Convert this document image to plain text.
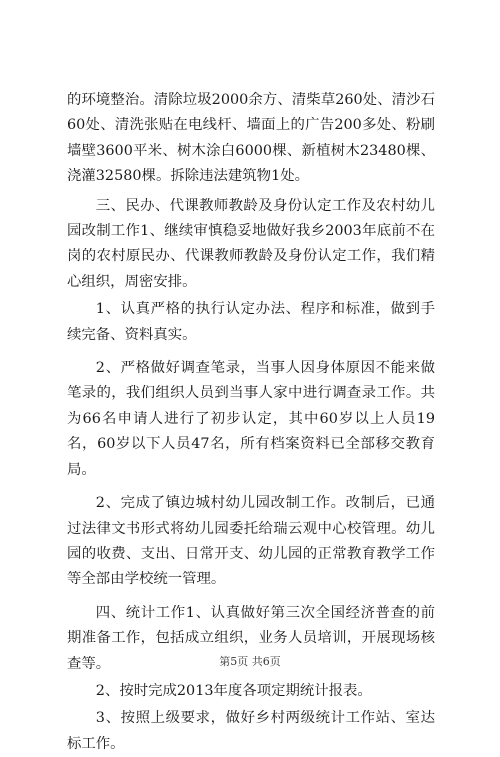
的环境整治。清除垃圾2000余方、清柴草260处、清沙石60处、清洗张贴在电线杆、墙面上的广告200多处、粉刷墙壁3600平米、树木涂白6000棵、新植树木23480棵、浇灌32580棵。拆除违法建筑物1处。

三、民办、代课教师教龄及身份认定工作及农村幼儿园改制工作1、继续审慎稳妥地做好我乡2003年底前不在岗的农村原民办、代课教师教龄及身份认定工作，我们精心组织，周密安排。

1、认真严格的执行认定办法、程序和标准，做到手续完备、资料真实。

2、严格做好调查笔录，当事人因身体原因不能来做笔录的，我们组织人员到当事人家中进行调查录工作。共为66名申请人进行了初步认定，其中60岁以上人员19名，60岁以下人员47名，所有档案资料已全部移交教育局。

2、完成了镇边城村幼儿园改制工作。改制后，已通过法律文书形式将幼儿园委托给瑞云观中心校管理。幼儿园的收费、支出、日常开支、幼儿园的正常教育教学工作等全部由学校统一管理。

四、统计工作1、认真做好第三次全国经济普查的前期准备工作，包括成立组织，业务人员培训，开展现场核查等。

2、按时完成2013年度各项定期统计报表。

3、按照上级要求，做好乡村两级统计工作站、室达标工作。

第5页 共6页
